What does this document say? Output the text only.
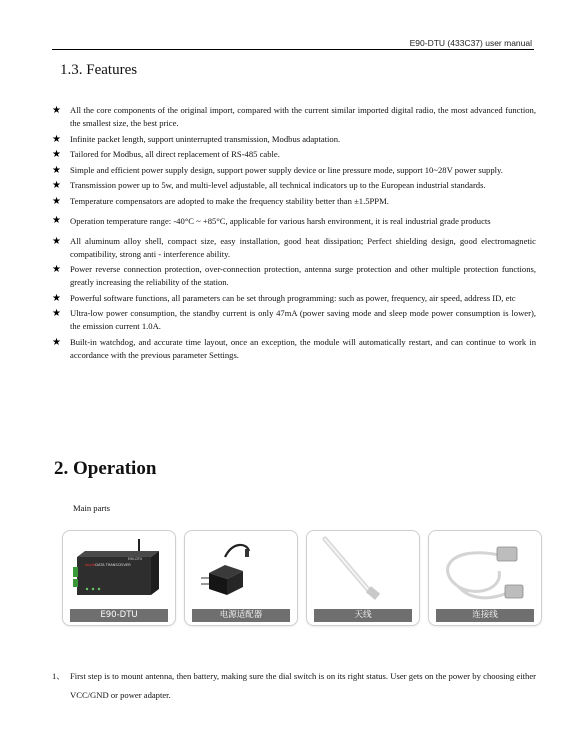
E90-DTU (433C37) user manual
1.3. Features
★	All the core components of the original import, compared with the current similar imported digital radio, the most advanced function, the smallest size, the best price.
★	Infinite packet length, support uninterrupted transmission, Modbus adaptation.
★	Tailored for Modbus, all direct replacement of RS-485 cable.
★	Simple and efficient power supply design, support power supply device or line pressure mode, support 10~28V power supply.
★	Transmission power up to 5w, and multi-level adjustable, all technical indicators up to the European industrial standards.
★	Temperature compensators are adopted to make the frequency stability better than ±1.5PPM.
★	Operation temperature range: -40°C ~ +85°C, applicable for various harsh environment, it is real industrial grade products
★	All aluminum alloy shell, compact size, easy installation, good heat dissipation; Perfect shielding design, good electromagnetic compatibility, strong anti - interference ability.
★	Power reverse connection protection, over-connection protection, antenna surge protection and other multiple protection functions, greatly increasing the reliability of the station.
★	Powerful software functions, all parameters can be set through programming: such as power, frequency, air speed, address ID, etc
★	Ultra-low power consumption, the standby current is only 47mA (power saving mode and sleep mode power consumption is lower), the emission current 1.0A.
★	Built-in watchdog, and accurate time layout, once an exception, the module will automatically restart, and can continue to work in accordance with the previous parameter Settings.
2. Operation
Main parts
DATA TRANSCEIVER
E90-DTU
ebyte
E90-DTU	电源适配器	天线	连接线
1、 First step is to mount antenna, then battery, making sure the dial switch is on its right status. User gets on the power by choosing either VCC/GND or power adapter.
